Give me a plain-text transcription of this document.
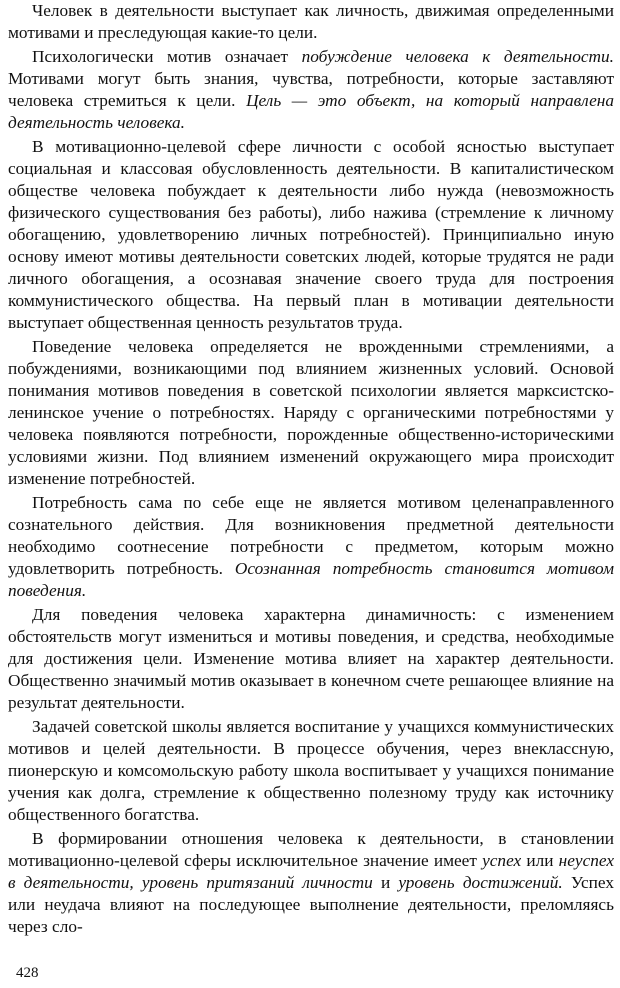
Человек в деятельности выступает как личность, движимая определенными мотивами и преследующая какие-то цели.

Психологически мотив означает побуждение человека к деятельности. Мотивами могут быть знания, чувства, потребности, которые заставляют человека стремиться к цели. Цель — это объект, на который направлена деятельность человека.

В мотивационно-целевой сфере личности с особой ясностью выступает социальная и классовая обусловленность деятельности. В капиталистическом обществе человека побуждает к деятельности либо нужда (невозможность физического существования без работы), либо нажива (стремление к личному обогащению, удовлетворению личных потребностей). Принципиально иную основу имеют мотивы деятельности советских людей, которые трудятся не ради личного обогащения, а осознавая значение своего труда для построения коммунистического общества. На первый план в мотивации деятельности выступает общественная ценность результатов труда.

Поведение человека определяется не врожденными стремлениями, а побуждениями, возникающими под влиянием жизненных условий. Основой понимания мотивов поведения в советской психологии является марксистско-ленинское учение о потребностях. Наряду с органическими потребностями у человека появляются потребности, порожденные общественно-историческими условиями жизни. Под влиянием изменений окружающего мира происходит изменение потребностей.

Потребность сама по себе еще не является мотивом целенаправленного сознательного действия. Для возникновения предметной деятельности необходимо соотнесение потребности с предметом, которым можно удовлетворить потребность. Осознанная потребность становится мотивом поведения.

Для поведения человека характерна динамичность: с изменением обстоятельств могут измениться и мотивы поведения, и средства, необходимые для достижения цели. Изменение мотива влияет на характер деятельности. Общественно значимый мотив оказывает в конечном счете решающее влияние на результат деятельности.

Задачей советской школы является воспитание у учащихся коммунистических мотивов и целей деятельности. В процессе обучения, через внеклассную, пионерскую и комсомольскую работу школа воспитывает у учащихся понимание учения как долга, стремление к общественно полезному труду как источнику общественного богатства.

В формировании отношения человека к деятельности, в становлении мотивационно-целевой сферы исключительное значение имеет успех или неуспех в деятельности, уровень притязаний личности и уровень достижений. Успех или неудача влияют на последующее выполнение деятельности, преломляясь через сло-

428
